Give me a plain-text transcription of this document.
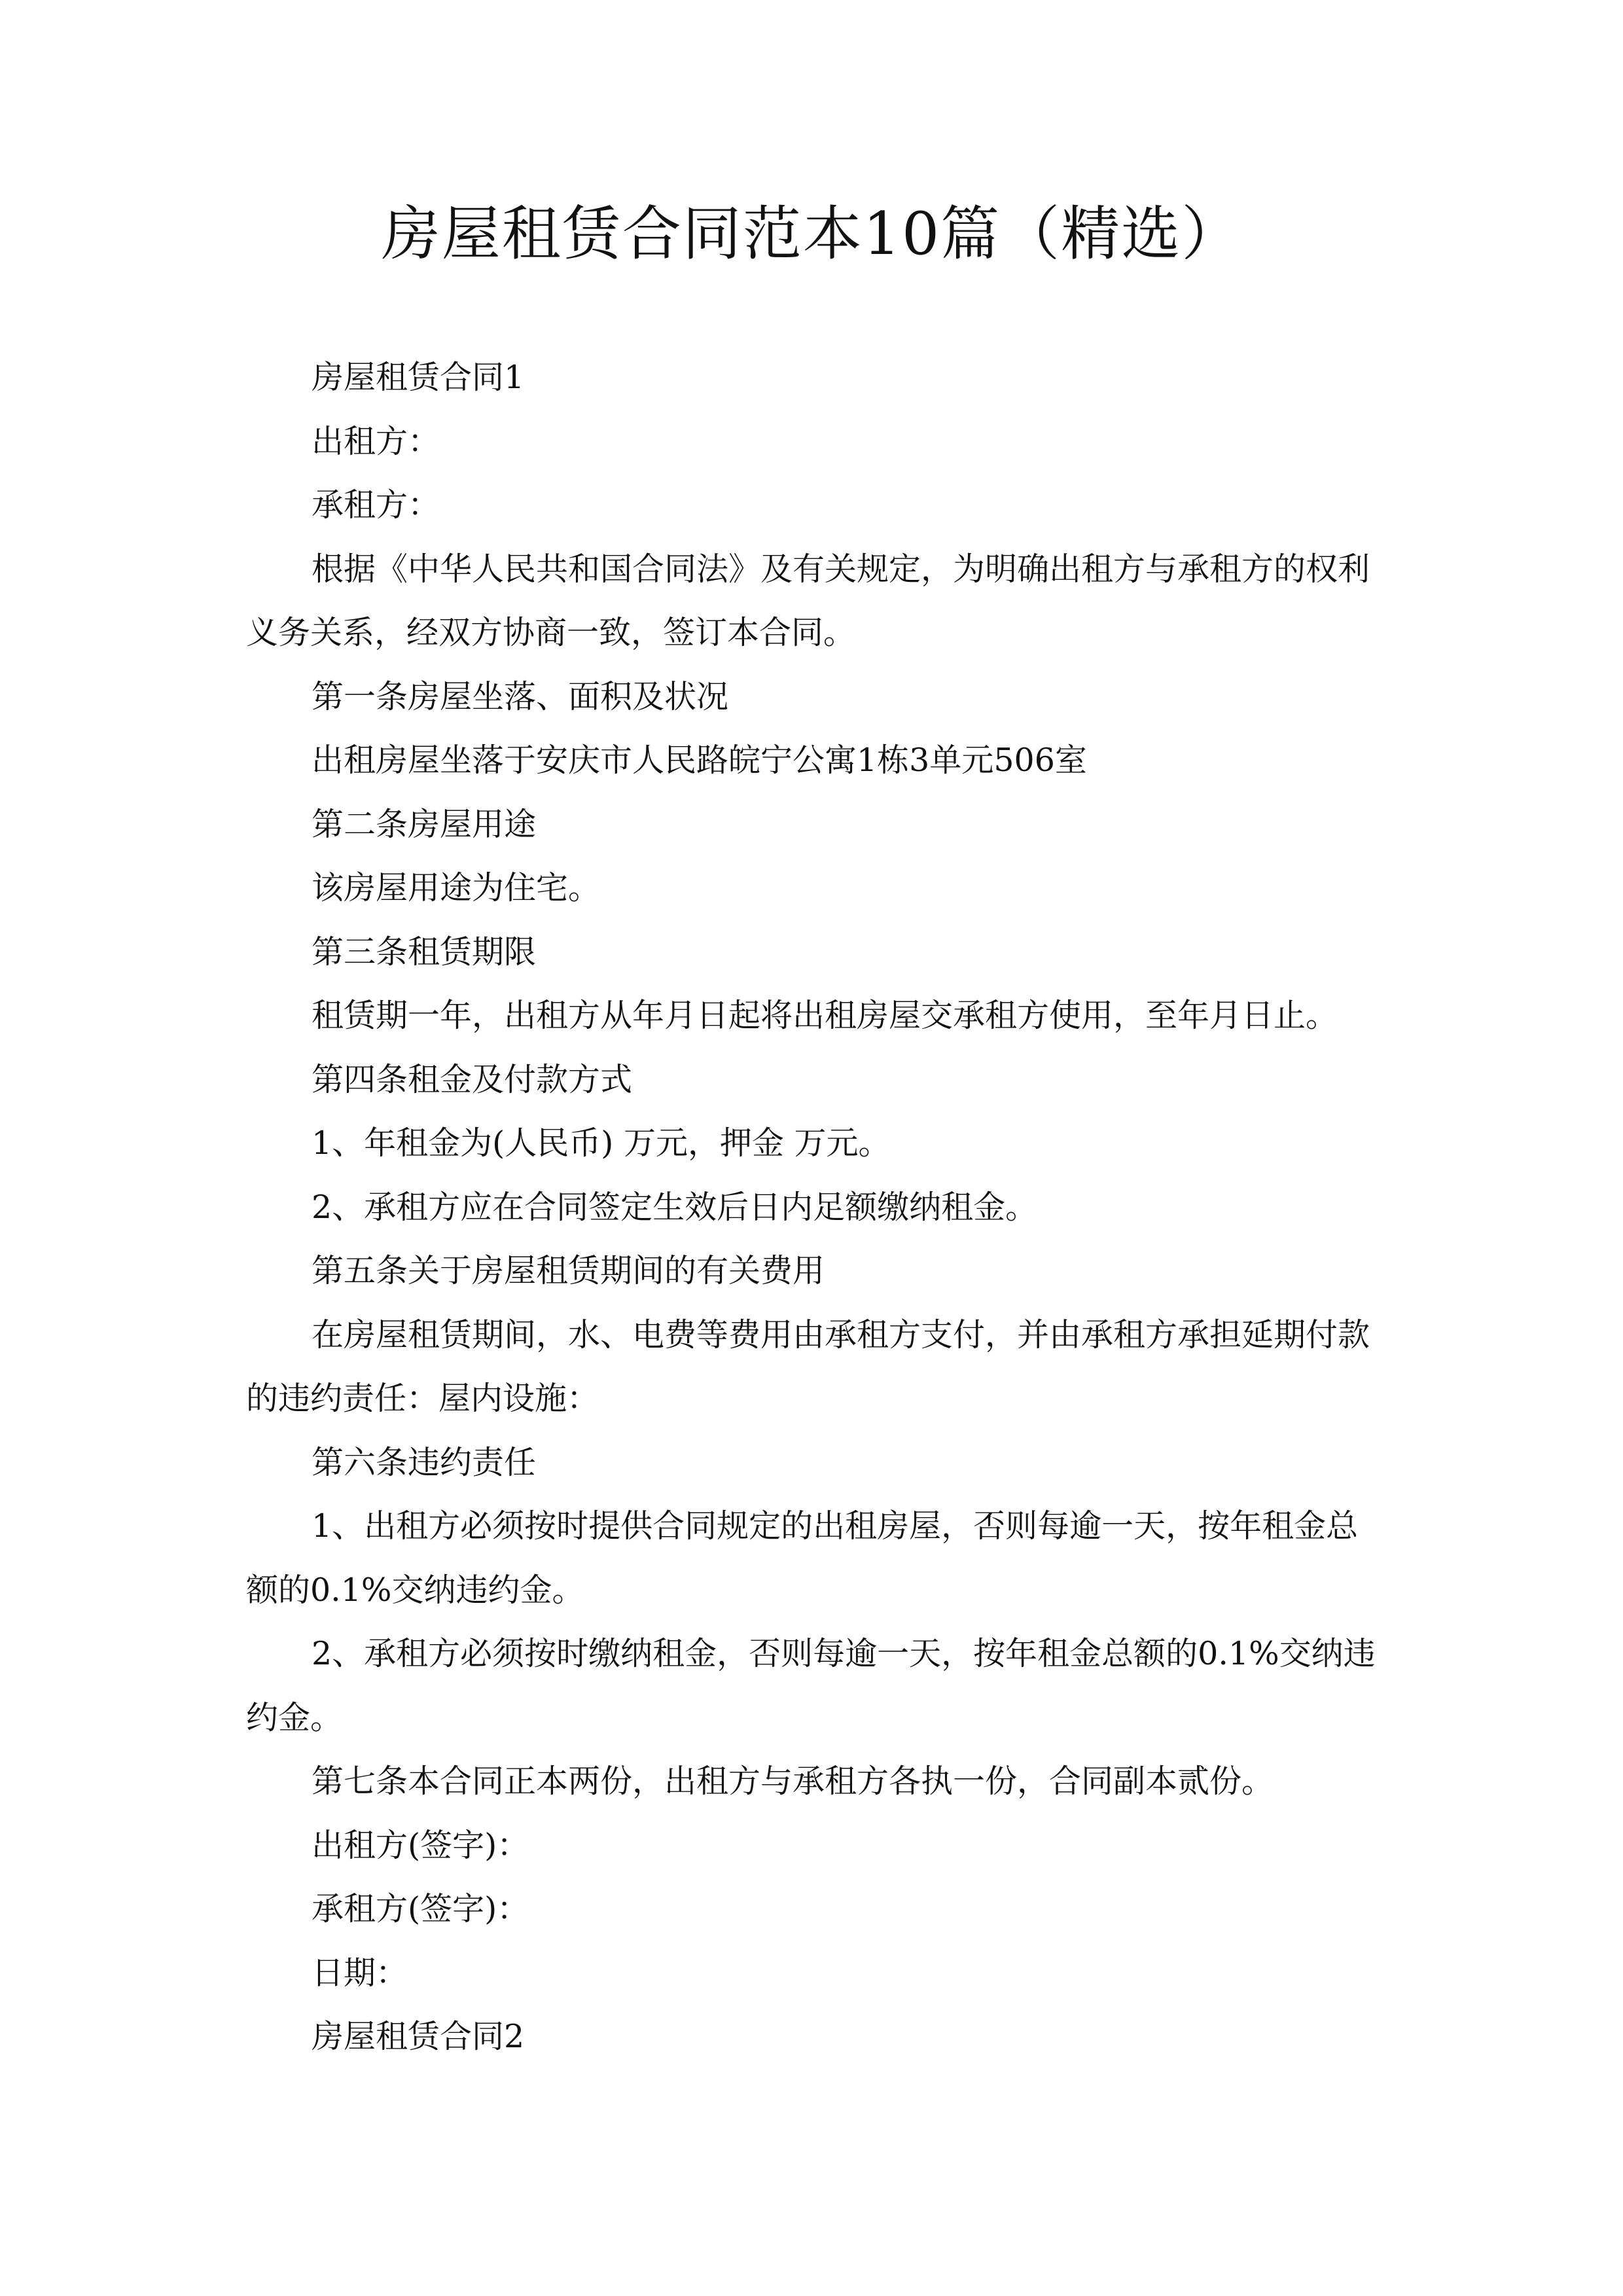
房屋租赁合同范本10篇（精选）
房屋租赁合同1
出租方：
承租方：
根据《中华人民共和国合同法》及有关规定，为明确出租方与承租方的权利
义务关系，经双方协商一致，签订本合同。
第一条房屋坐落、面积及状况
出租房屋坐落于安庆市人民路皖宁公寓1栋3单元506室
第二条房屋用途
该房屋用途为住宅。
第三条租赁期限
租赁期一年，出租方从年月日起将出租房屋交承租方使用，至年月日止。
第四条租金及付款方式
1、年租金为(人民币) 万元，押金 万元。
2、承租方应在合同签定生效后日内足额缴纳租金。
第五条关于房屋租赁期间的有关费用
在房屋租赁期间，水、电费等费用由承租方支付，并由承租方承担延期付款
的违约责任：屋内设施：
第六条违约责任
1、出租方必须按时提供合同规定的出租房屋，否则每逾一天，按年租金总
额的0.1%交纳违约金。
2、承租方必须按时缴纳租金，否则每逾一天，按年租金总额的0.1%交纳违
约金。
第七条本合同正本两份，出租方与承租方各执一份，合同副本贰份。
出租方(签字)：
承租方(签字)：
日期：
房屋租赁合同2
